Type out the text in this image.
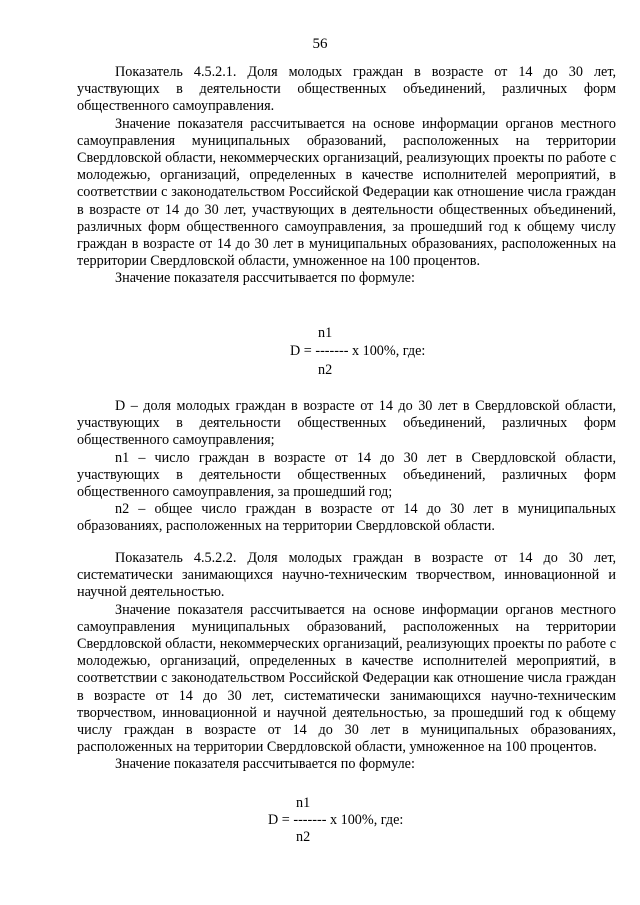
56

Показатель 4.5.2.1. Доля молодых граждан в возрасте от 14 до 30 лет, участвующих в деятельности общественных объединений, различных форм общественного самоуправления.

Значение показателя рассчитывается на основе информации органов местного самоуправления муниципальных образований, расположенных на территории Свердловской области, некоммерческих организаций, реализующих проекты по работе с молодежью, организаций, определенных в качестве исполнителей мероприятий, в соответствии с законодательством Российской Федерации как отношение числа граждан в возрасте от 14 до 30 лет, участвующих в деятельности общественных объединений, различных форм общественного самоуправления, за прошедший год к общему числу граждан в возрасте от 14 до 30 лет в муниципальных образованиях, расположенных на территории Свердловской области, умноженное на 100 процентов.

Значение показателя рассчитывается по формуле:

n1
D = ------- x 100%, где:
n2

D – доля молодых граждан в возрасте от 14 до 30 лет в Свердловской области, участвующих в деятельности общественных объединений, различных форм общественного самоуправления;

n1 – число граждан в возрасте от 14 до 30 лет в Свердловской области, участвующих в деятельности общественных объединений, различных форм общественного самоуправления, за прошедший год;

n2 – общее число граждан в возрасте от 14 до 30 лет в муниципальных образованиях, расположенных на территории Свердловской области.

Показатель 4.5.2.2. Доля молодых граждан в возрасте от 14 до 30 лет, систематически занимающихся научно-техническим творчеством, инновационной и научной деятельностью.

Значение показателя рассчитывается на основе информации органов местного самоуправления муниципальных образований, расположенных на территории Свердловской области, некоммерческих организаций, реализующих проекты по работе с молодежью, организаций, определенных в качестве исполнителей мероприятий, в соответствии с законодательством Российской Федерации как отношение числа граждан в возрасте от 14 до 30 лет, систематически занимающихся научно-техническим творчеством, инновационной и научной деятельностью, за прошедший год к общему числу граждан в возрасте от 14 до 30 лет в муниципальных образованиях, расположенных на территории Свердловской области, умноженное на 100 процентов.

Значение показателя рассчитывается по формуле:

n1
D = ------- x 100%, где:
n2
